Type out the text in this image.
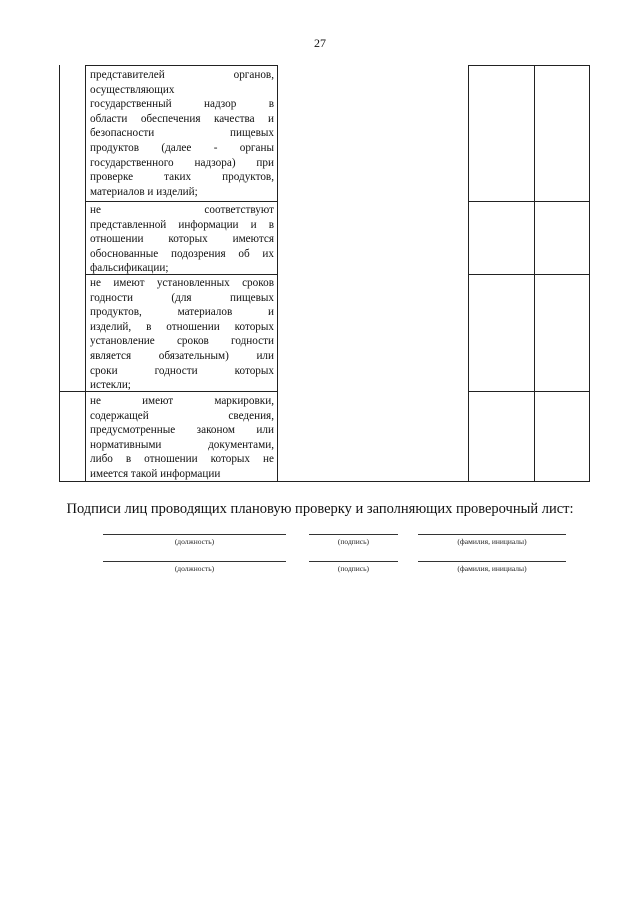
27
представителей органов,
осуществляющих
государственный надзор в
области обеспечения качества и
безопасности пищевых
продуктов (далее - органы
государственного надзора) при
проверке таких продуктов,
материалов и изделий;
не соответствуют
представленной информации и в
отношении которых имеются
обоснованные подозрения об их
фальсификации;
не имеют установленных сроков
годности (для пищевых
продуктов, материалов и
изделий, в отношении которых
установление сроков годности
является обязательным) или
сроки годности которых
истекли;
не имеют маркировки,
содержащей сведения,
предусмотренные законом или
нормативными документами,
либо в отношении которых не
имеется такой информации
Подписи лиц проводящих плановую проверку и заполняющих проверочный лист:
(должность)	(подпись)	(фамилия, инициалы)
(должность)	(подпись)	(фамилия, инициалы)
